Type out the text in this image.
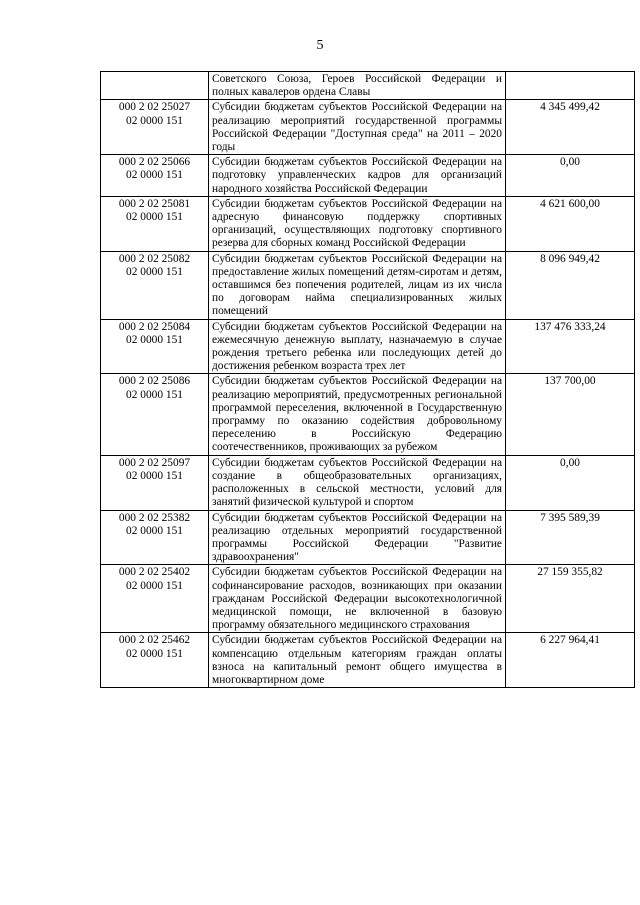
5
	Советского Союза, Героев Российской Федерации и полных кавалеров ордена Славы	

000 2 02 25027
02 0000 151	Субсидии бюджетам субъектов Российской Федерации на реализацию мероприятий государственной программы Российской Федерации "Доступная среда" на 2011 – 2020 годы	4 345 499,42

000 2 02 25066
02 0000 151	Субсидии бюджетам субъектов Российской Федерации на подготовку управленческих кадров для организаций народного хозяйства Российской Федерации	0,00

000 2 02 25081
02 0000 151	Субсидии бюджетам субъектов Российской Федерации на адресную финансовую поддержку спортивных организаций, осуществляющих подготовку спортивного резерва для сборных команд Российской Федерации	4 621 600,00

000 2 02 25082
02 0000 151	Субсидии бюджетам субъектов Российской Федерации на предоставление жилых помещений детям-сиротам и детям, оставшимся без попечения родителей, лицам из их числа по договорам найма специализированных жилых помещений	8 096 949,42

000 2 02 25084
02 0000 151	Субсидии бюджетам субъектов Российской Федерации на ежемесячную денежную выплату, назначаемую в случае рождения третьего ребенка или последующих детей до достижения ребенком возраста трех лет	137 476 333,24

000 2 02 25086
02 0000 151	Субсидии бюджетам субъектов Российской Федерации на реализацию мероприятий, предусмотренных региональной программой переселения, включенной в Государственную программу по оказанию содействия добровольному переселению в Российскую Федерацию соотечественников, проживающих за рубежом	137 700,00

000 2 02 25097
02 0000 151	Субсидии бюджетам субъектов Российской Федерации на создание в общеобразовательных организациях, расположенных в сельской местности, условий для занятий физической культурой и спортом	0,00

000 2 02 25382
02 0000 151	Субсидии бюджетам субъектов Российской Федерации на реализацию отдельных мероприятий государственной программы Российской Федерации "Развитие здравоохранения"	7 395 589,39

000 2 02 25402
02 0000 151	Субсидии бюджетам субъектов Российской Федерации на софинансирование расходов, возникающих при оказании гражданам Российской Федерации высокотехнологичной медицинской помощи, не включенной в базовую программу обязательного медицинского страхования	27 159 355,82

000 2 02 25462
02 0000 151	Субсидии бюджетам субъектов Российской Федерации на компенсацию отдельным категориям граждан оплаты взноса на капитальный ремонт общего имущества в многоквартирном доме	6 227 964,41
